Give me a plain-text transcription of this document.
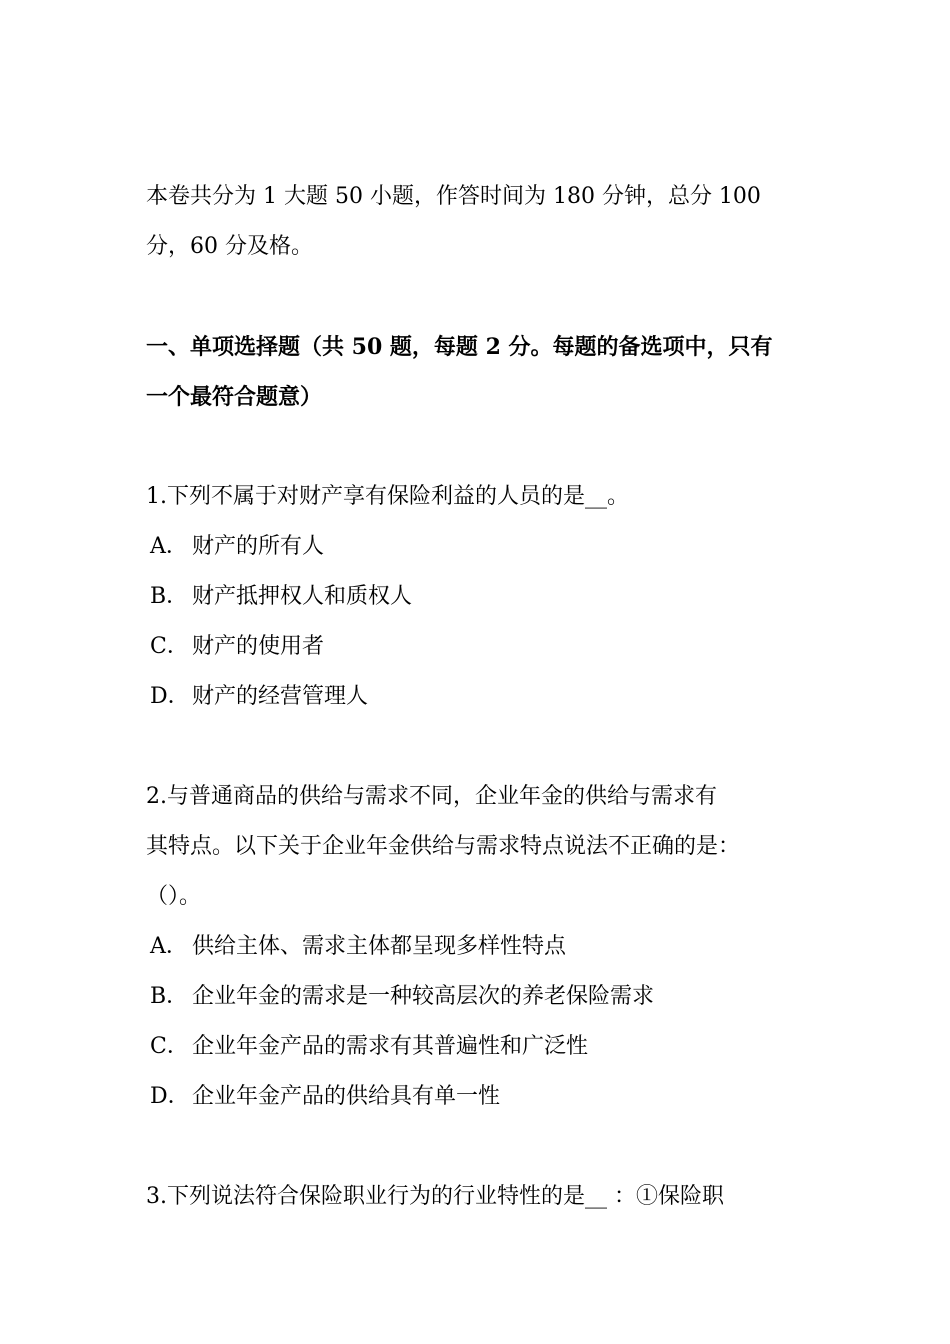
本卷共分为 1 大题 50 小题，作答时间为 180 分钟，总分 100
分，60 分及格。
一、单项选择题（共 50 题，每题 2 分。每题的备选项中，只有
一个最符合题意）
1.下列不属于对财产享有保险利益的人员的是__。
A． 财产的所有人
B． 财产抵押权人和质权人
C． 财产的使用者
D． 财产的经营管理人
2.与普通商品的供给与需求不同，企业年金的供给与需求有
其特点。以下关于企业年金供给与需求特点说法不正确的是：
（）。
A． 供给主体、需求主体都呈现多样性特点
B． 企业年金的需求是一种较高层次的养老保险需求
C． 企业年金产品的需求有其普遍性和广泛性
D． 企业年金产品的供给具有单一性
3.下列说法符合保险职业行为的行业特性的是__ ：①保险职
